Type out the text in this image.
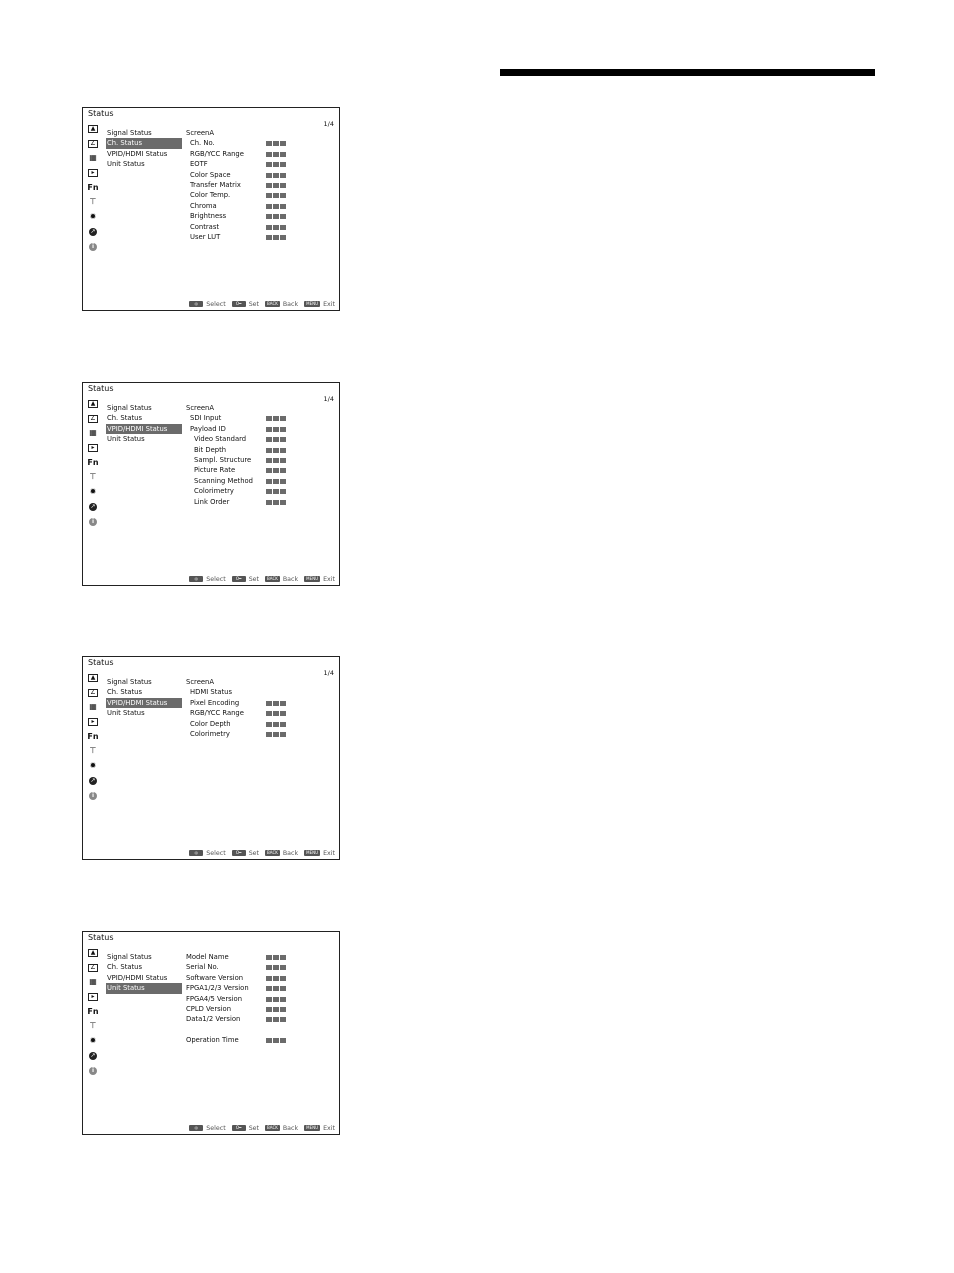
Status
1/4
▲
∠
▦
▸
Fn
⊤
✹
↗
i
Signal Status
Ch. Status
VPID/HDMI Status
Unit Status
ScreenA
Ch. No.
RGB/YCC Range
EOTF
Color Space
Transfer Matrix
Color Temp.
Chroma
Brightness
Contrast
User LUT
◎ Select	O═ Set	BACK Back	MENU Exit
Status
1/4
▲
∠
▦
▸
Fn
⊤
✹
↗
i
Signal Status
Ch. Status
VPID/HDMI Status
Unit Status
ScreenA
SDI Input
Payload ID
Video Standard
Bit Depth
Sampl. Structure
Picture Rate
Scanning Method
Colorimetry
Link Order
◎ Select	O═ Set	BACK Back	MENU Exit
Status
1/4
▲
∠
▦
▸
Fn
⊤
✹
↗
i
Signal Status
Ch. Status
VPID/HDMI Status
Unit Status
ScreenA
HDMI Status
Pixel Encoding
RGB/YCC Range
Color Depth
Colorimetry
◎ Select	O═ Set	BACK Back	MENU Exit
Status
▲
∠
▦
▸
Fn
⊤
✹
↗
i
Signal Status
Ch. Status
VPID/HDMI Status
Unit Status
Model Name
Serial No.
Software Version
FPGA1/2/3 Version
FPGA4/5 Version
CPLD Version
Data1/2 Version
Operation Time
◎ Select	O═ Set	BACK Back	MENU Exit
